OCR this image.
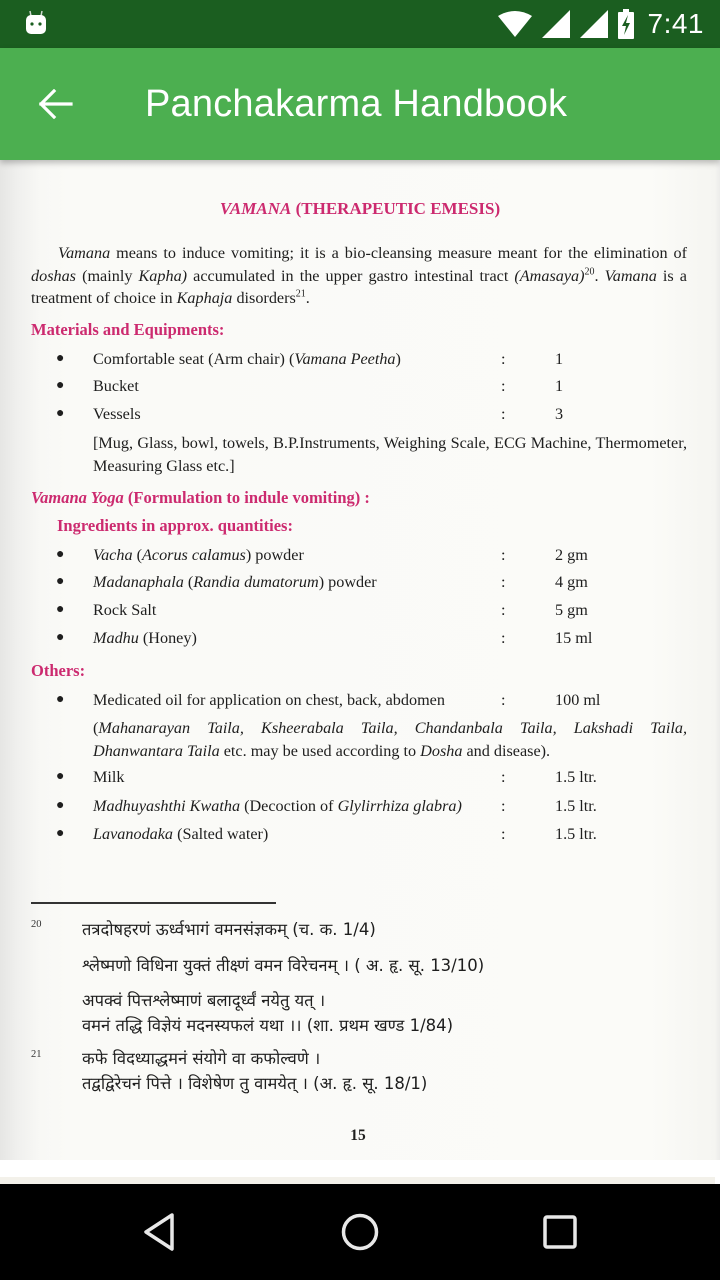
7:41
Panchakarma Handbook
VAMANA (THERAPEUTIC EMESIS)

Vamana means to induce vomiting; it is a bio-cleansing measure meant for the elimination of doshas (mainly Kapha) accumulated in the upper gastro intestinal tract (Amasaya)$^{20}$. Vamana is a treatment of choice in Kaphaja disorders$^{21}$.

Materials and Equipments:
● Comfortable seat (Arm chair) (Vamana Peetha)	:	1
● Bucket	:	1
● Vessels	:	3
[Mug, Glass, bowl, towels, B.P.Instruments, Weighing Scale, ECG Machine, Thermometer, Measuring Glass etc.]
Vamana Yoga (Formulation to indule vomiting) :
Ingredients in approx. quantities:
● Vacha (Acorus calamus) powder	:	2 gm
● Madanaphala (Randia dumatorum) powder	:	4 gm
● Rock Salt	:	5 gm
● Madhu (Honey)	:	15 ml
Others:
● Medicated oil for application on chest, back, abdomen	:	100 ml
(Mahanarayan Taila, Ksheerabala Taila, Chandanbala Taila, Lakshadi Taila, Dhanwantara Taila etc. may be used according to Dosha and disease).
● Milk	:	1.5 ltr.
● Madhuyashthi Kwatha (Decoction of Glylirrhiza glabra) :	1.5 ltr.
● Lavanodaka (Salted water)	:	1.5 ltr.
20 तत्रदोषहरणं ऊर्ध्वभागं वमनसंज्ञकम् (च. क. 1/4)
श्लेष्मणो विधिना युक्तं तीक्ष्णं वमन विरेचनम् । ( अ. हृ. सू. 13/10)
अपक्वं पित्तश्लेष्माणं बलादूर्ध्वं नयेतु यत् ।
वमनं तद्धि विज्ञेयं मदनस्यफलं यथा ।। (शा. प्रथम खण्ड 1/84)
21 कफे विदध्याद्धमनं संयोगे वा कफोल्वणे ।
तद्वद्विरेचनं पित्ते । विशेषेण तु वामयेत् । (अ. हृ. सू. 18/1)
15
